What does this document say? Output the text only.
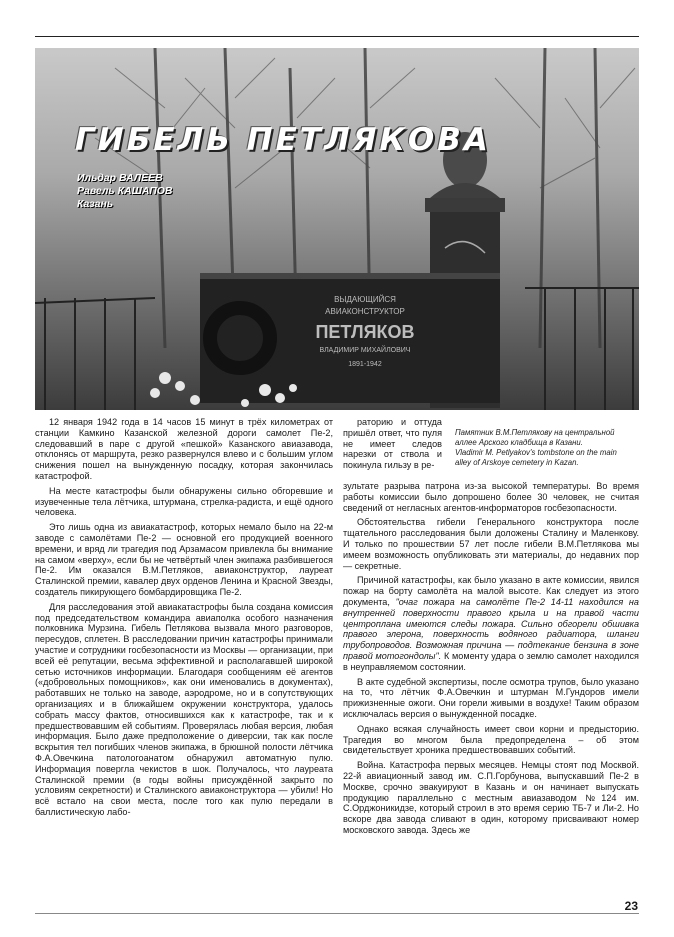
ВЫДАЮЩИЙСЯ
АВИАКОНСТРУКТОР
ПЕТЛЯКОВ
ВЛАДИМИР МИХАЙЛОВИЧ
1891-1942
ГИБЕЛЬ ПЕТЛЯКОВА
Ильдар ВАЛЕЕВ
Равель КАШАПОВ
Казань
Памятник В.М.Петлякову на центральной
аллее Арского кладбища в Казани.
Vladimir M. Petlyakov's tombstone on the main
alley of Arskoye cemetery in Kazan.

12 января 1942 года в 14 часов 15 минут в трёх километрах от станции Камкино Казанской железной дороги самолет Пе-2, следовавший в паре с другой «пешкой» Казанского авиазавода, отклонясь от маршрута, резко развернулся влево и с большим углом снижения пошел на вынужденную посадку, которая закончилась катастрофой.

На месте катастрофы были обнаружены сильно обгоревшие и изувеченные тела лётчика, штурмана, стрелка-радиста, и ещё одного человека.

Это лишь одна из авиакатастроф, которых немало было на 22-м заводе с самолётами Пе-2 — основной его продукцией военного времени, и вряд ли трагедия под Арзамасом привлекла бы внимание на самом «верху», если бы не четвёртый член экипажа разбившегося Пе-2. Им оказался В.М.Петляков, авиаконструктор, лауреат Сталинской премии, кавалер двух орденов Ленина и Красной Звезды, создатель пикирующего бомбардировщика Пе-2.

Для расследования этой авиакатастрофы была создана комиссия под председательством командира авиаполка особого назначения полковника Мурзина. Гибель Петлякова вызвала много разговоров, пересудов, сплетен. В расследовании причин катастрофы принимали участие и сотрудники госбезопасности из Москвы — организации, при всей её репутации, весьма эффективной и располагавшей широкой сетью источников информации. Благодаря сообщениям её агентов («добровольных помощников», как они именовались в документах), работавших не только на заводе, аэродроме, но и в сопутствующих организациях и в ближайшем окружении конструктора, удалось собрать массу фактов, относившихся как к катастрофе, так и к предшествовавшим ей событиям. Проверялась любая версия, любая информация. Было даже предположение о диверсии, так как после вскрытия тел погибших членов экипажа, в брюшной полости лётчика Ф.А.Овечкина патологоанатом обнаружил автоматную пулю. Информация повергла чекистов в шок. Получалось, что лауреата Сталинской премии (в годы войны присуждённой закрыто по условиям секретности) и Сталинского авиаконструктора — убили! Но всё встало на свои места, после того как пулю передали в баллистическую лабо-

раторию и оттуда пришёл ответ, что пуля не имеет следов нарезки от ствола и покинула гильзу в ре-

зультате разрыва патрона из-за высокой температуры. Во время работы комиссии было допрошено более 30 человек, не считая сведений от негласных агентов-информаторов госбезопасности.

Обстоятельства гибели Генерального конструктора после тщательного расследования были доложены Сталину и Маленкову. И только по прошествии 57 лет после гибели В.М.Петлякова мы имеем возможность опубликовать эти материалы, до недавних пор — секретные.

Причиной катастрофы, как было указано в акте комиссии, явился пожар на борту самолёта на малой высоте. Как следует из этого документа, "очаг пожара на самолёте Пе-2 14-11 находился на внутренней поверхности правого крыла и на правой части центроплана имеются следы пожара. Сильно обгорели обшивка правого элерона, поверхность водяного радиатора, шланги трубопроводов. Возможная причина — подтекание бензина в зоне правой мотогондолы". К моменту удара о землю самолет находился в неуправляемом состоянии.

В акте судебной экспертизы, после осмотра трупов, было указано на то, что лётчик Ф.А.Овечкин и штурман М.Гундоров имели прижизненные ожоги. Они горели живыми в воздухе! Таким образом исключалась версия о вынужденной посадке.

Однако всякая случайность имеет свои корни и предысторию. Трагедия во многом была предопределена – об этом свидетельствует хроника предшествовавших событий.

Война. Катастрофа первых месяцев. Немцы стоят под Москвой. 22-й авиационный завод им. С.П.Горбунова, выпускавший Пе-2 в Москве, срочно эвакуируют в Казань и он начинает выпускать продукцию параллельно с местным авиазаводом №124 им. С.Орджоникидзе, который строил в это время серию ТБ-7 и Ли-2. Но вскоре два завода сливают в один, которому присваивают номер московского завода. Здесь же

23
